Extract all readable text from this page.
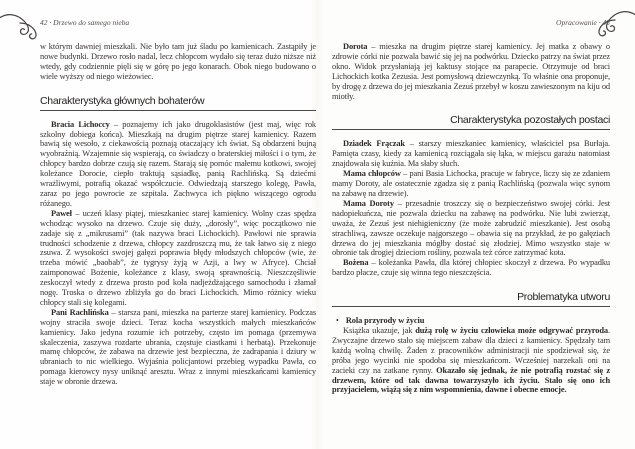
42 · Drzewo do samego nieba

w którym dawniej mieszkali. Nie było tam już śladu po kamienicach. Zastąpiły je nowe budynki. Drzewo rosło nadal, lecz chłopcom wydało się teraz dużo niższe niż wtedy, gdy codziennie pięli się w górę po jego konarach. Obok niego budowano o wiele wyższy od niego wieżowiec.

Charakterystyka głównych bohaterów

Bracia Lichoccy – poznajemy ich jako drugoklasistów (jest maj, więc rok szkolny dobiega końca). Mieszkają na drugim piętrze starej kamienicy. Razem bawią się wesoło, z ciekawością poznają otaczający ich świat. Są obdarzeni bujną wyobraźnią. Wzajemnie się wspierają, co świadczy o braterskiej miłości i o tym, że chłopcy bardzo dobrze czują się razem. Starają się pomóc małemu kotkowi, swojej koleżance Dorocie, ciepło traktują sąsiadkę, panią Rachlińską. Są dziećmi wrażliwymi, potrafią okazać współczucie. Odwiedzają starszego kolegę, Pawła, zaraz po jego powrocie ze szpitala. Zachwyca ich piękno wiszącego ogrodu różanego.

Paweł – uczeń klasy piątej, mieszkaniec starej kamienicy. Wolny czas spędza wchodząc wysoko na drzewo. Czuje się duży, „dorosły”, więc początkowo nie zadaje się z „mikrusami” (tak nazywa braci Lichockich). Pawłowi nie sprawia trudności schodzenie z drzewa, chłopcy zazdroszczą mu, że tak łatwo się z niego zsuwa. Z wysokości swojej gałęzi poprawia błędy młodszych chłopców (wie, że trzeba mówić „baobab”, że tygrysy żyją w Azji, a lwy w Afryce). Chciał zaimponować Bożenie, koleżance z klasy, swoją sprawnością. Nieszczęśliwie zeskoczył wtedy z drzewa prosto pod koła nadjeżdżającego samochodu i złamał nogę. Troska o drzewo zbliżyła go do braci Lichockich. Mimo różnicy wieku chłopcy stali się kolegami.

Pani Rachlińska – starsza pani, mieszka na parterze starej kamienicy. Podczas wojny straciła swoje dzieci. Teraz kocha wszystkich małych mieszkańców kamienicy. Jako jedyna rozumie ich potrzeby, często im pomaga (przemywa skaleczenia, zaszywa rozdarte ubrania, częstuje ciastkami i herbatą). Przekonuje mamę chłopców, że zabawa na drzewie jest bezpieczna, że zadrapania i dziury w ubraniach to nic wielkiego. Wyjaśnia policjantowi przebieg wypadku Pawła, co pomaga kierowcy nysy uniknąć aresztu. Wraz z innymi mieszkańcami kamienicy staje w obronie drzewa.

Opracowanie · 43

Dorota – mieszka na drugim piętrze starej kamienicy. Jej matka z obawy o zdrowie córki nie pozwala bawić się jej na podwórku. Dziecko patrzy na świat przez okno. Widok przysłaniają jej kaktusy stojące na parapecie. Otrzymuje od braci Lichockich kotka Zezusia. Jest pomysłową dziewczynką. To właśnie ona proponuje, by drogę z drzewa do jej mieszkania Zezuś przebył w koszu zawieszonym na kiju od miotły.

Charakterystyka pozostałych postaci

Dziadek Frączak – starszy mieszkaniec kamienicy, właściciel psa Burłaja. Pamięta czasy, kiedy za kamienicą rozciągała się łąka, w miejscu garażu natomiast znajdowała się kuźnia. Ma słaby słuch.

Mama chłopców – pani Basia Lichocka, pracuje w fabryce, liczy się ze zdaniem mamy Doroty, ale ostatecznie zgadza się z panią Rachlińską (pozwala więc synom na zabawę na drzewie).

Mama Doroty – przesadnie troszczy się o bezpieczeństwo swojej córki. Jest nadopiekuńcza, nie pozwala dziecku na zabawę na podwórku. Nie lubi zwierząt, uważa, że Zezuś jest niehigieniczny (że może zabrudzić mieszkanie). Jest osobą strachliwą, zawsze oczekuje najgorszego – obawia się na przykład, że po gałęziach drzewa do jej mieszkania mógłby dostać się złodziej. Mimo wszystko staje w obronie tak drogiej dzieciom rośliny, pozwala też córce zatrzymać kota.

Bożena – koleżanka Pawła, dla której chłopiec skoczył z drzewa. Po wypadku bardzo płacze, czuje się winna tego nieszczęścia.

Problematyka utworu
• Rola przyrody w życiu

Książka ukazuje, jak dużą rolę w życiu człowieka może odgrywać przyroda. Zwyczajne drzewo stało się miejscem zabaw dla dzieci z kamienicy. Spędzały tam każdą wolną chwilę. Żaden z pracowników administracji nie spodziewał się, że próba jego wycinki nie spodoba się mieszkańcom. Wcześniej narzekali oni na zacieki czy na zatkane rynny. Okazało się jednak, że nie potrafią rozstać się z drzewem, które od tak dawna towarzyszyło ich życiu. Stało się ono ich przyjacielem, wiążą się z nim wspomnienia, dawne i obecne emocje.
